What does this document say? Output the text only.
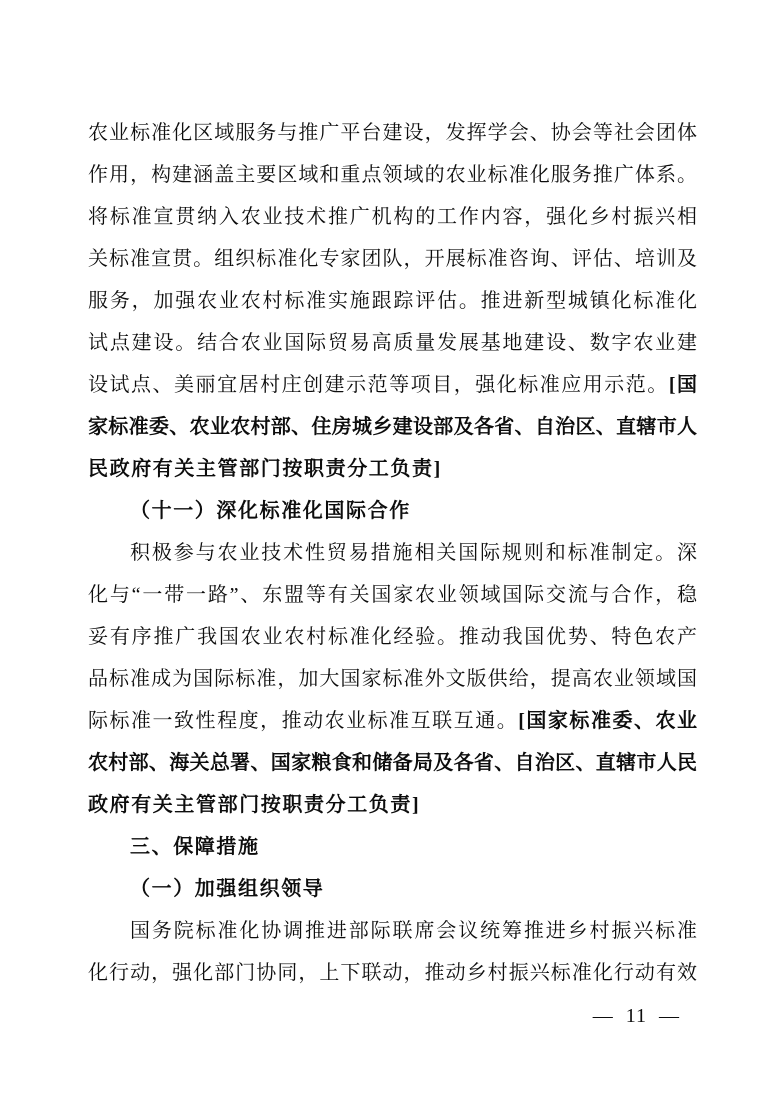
农业标准化区域服务与推广平台建设，发挥学会、协会等社会团体
作用，构建涵盖主要区域和重点领域的农业标准化服务推广体系。
将标准宣贯纳入农业技术推广机构的工作内容，强化乡村振兴相
关标准宣贯。组织标准化专家团队，开展标准咨询、评估、培训及
服务，加强农业农村标准实施跟踪评估。推进新型城镇化标准化
试点建设。结合农业国际贸易高质量发展基地建设、数字农业建
设试点、美丽宜居村庄创建示范等项目，强化标准应用示范。[国
家标准委、农业农村部、住房城乡建设部及各省、自治区、直辖市人
民政府有关主管部门按职责分工负责]
（十一）深化标准化国际合作
积极参与农业技术性贸易措施相关国际规则和标准制定。深
化与“一带一路”、东盟等有关国家农业领域国际交流与合作，稳
妥有序推广我国农业农村标准化经验。推动我国优势、特色农产
品标准成为国际标准，加大国家标准外文版供给，提高农业领域国
际标准一致性程度，推动农业标准互联互通。[国家标准委、农业
农村部、海关总署、国家粮食和储备局及各省、自治区、直辖市人民
政府有关主管部门按职责分工负责]
三、保障措施
（一）加强组织领导
国务院标准化协调推进部际联席会议统筹推进乡村振兴标准
化行动，强化部门协同，上下联动，推动乡村振兴标准化行动有效
— 11 —
